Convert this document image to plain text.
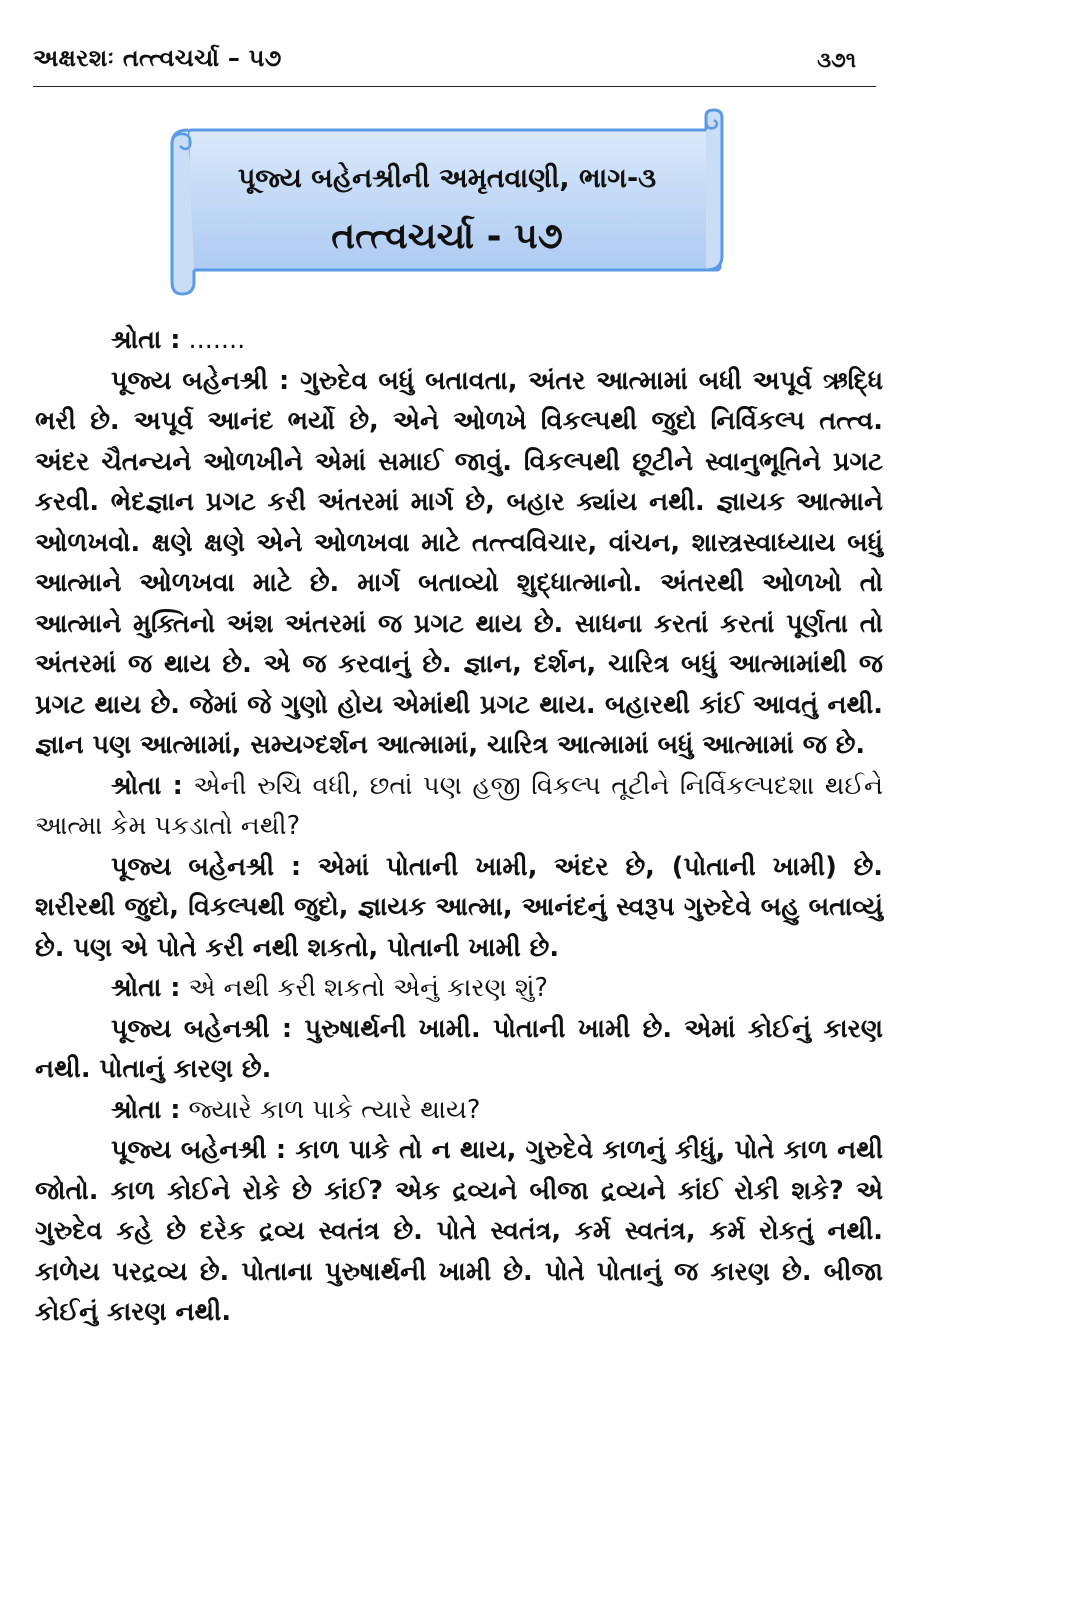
અક્ષરશઃ તત્ત્વચર્ચા – ૫૭	૩૭૧
પૂજ્ય બહેનશ્રીની અમૃતવાણી, ભાગ-૩
તત્ત્વચર્ચા - ૫૭

શ્રોતા : .......

પૂજ્ય બહેનશ્રી : ગુરુદેવ બધું બતાવતા, અંતર આત્મામાં બધી અપૂર્વ ઋદ્ધિ ભરી છે. અપૂર્વ આનંદ ભર્યો છે, એને ઓળખે વિકલ્પથી જુદો નિર્વિકલ્પ તત્ત્વ. અંદર ચૈતન્યને ઓળખીને એમાં સમાઈ જાવું. વિકલ્પથી છૂટીને સ્વાનુભૂતિને પ્રગટ કરવી. ભેદજ્ઞાન પ્રગટ કરી અંતરમાં માર્ગ છે, બહાર ક્યાંય નથી. જ્ઞાયક આત્માને ઓળખવો. ક્ષણે ક્ષણે એને ઓળખવા માટે તત્ત્વવિચાર, વાંચન, શાસ્ત્રસ્વાધ્યાય બધું આત્માને ઓળખવા માટે છે. માર્ગ બતાવ્યો શુદ્ધાત્માનો. અંતરથી ઓળખો તો આત્માને મુક્તિનો અંશ અંતરમાં જ પ્રગટ થાય છે. સાધના કરતાં કરતાં પૂર્ણતા તો અંતરમાં જ થાય છે. એ જ કરવાનું છે. જ્ઞાન, દર્શન, ચારિત્ર બધું આત્મામાંથી જ પ્રગટ થાય છે. જેમાં જે ગુણો હોય એમાંથી પ્રગટ થાય. બહારથી કાંઈ આવતું નથી. જ્ઞાન પણ આત્મામાં, સમ્યગ્દર્શન આત્મામાં, ચારિત્ર આત્મામાં બધું આત્મામાં જ છે.

શ્રોતા : એની રુચિ વધી, છતાં પણ હજી વિકલ્પ તૂટીને નિર્વિકલ્પદશા થઈને આત્મા કેમ પકડાતો નથી?

પૂજ્ય બહેનશ્રી : એમાં પોતાની ખામી, અંદર છે, (પોતાની ખામી) છે. શરીરથી જુદો, વિકલ્પથી જુદો, જ્ઞાયક આત્મા, આનંદનું સ્વરૂપ ગુરુદેવે બહુ બતાવ્યું છે. પણ એ પોતે કરી નથી શકતો, પોતાની ખામી છે.

શ્રોતા : એ નથી કરી શકતો એનું કારણ શું?

પૂજ્ય બહેનશ્રી : પુરુષાર્થની ખામી. પોતાની ખામી છે. એમાં કોઈનું કારણ નથી. પોતાનું કારણ છે.

શ્રોતા : જ્યારે કાળ પાકે ત્યારે થાય?

પૂજ્ય બહેનશ્રી : કાળ પાકે તો ન થાય, ગુરુદેવે કાળનું કીધું, પોતે કાળ નથી જોતો. કાળ કોઈને રોકે છે કાંઈ? એક દ્રવ્યને બીજા દ્રવ્યને કાંઈ રોકી શકે? એ ગુરુદેવ કહે છે દરેક દ્રવ્ય સ્વતંત્ર છે. પોતે સ્વતંત્ર, કર્મ સ્વતંત્ર, કર્મ રોકતું નથી. કાળેય પરદ્રવ્ય છે. પોતાના પુરુષાર્થની ખામી છે. પોતે પોતાનું જ કારણ છે. બીજા કોઈનું કારણ નથી.
